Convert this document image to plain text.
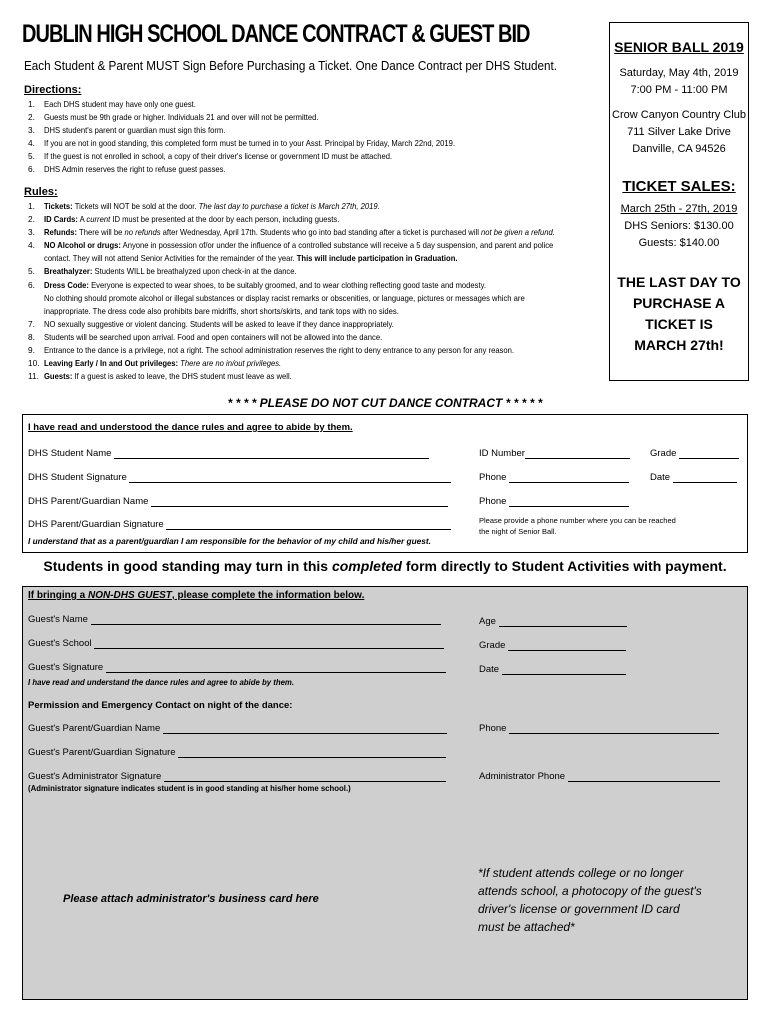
DUBLIN HIGH SCHOOL DANCE CONTRACT & GUEST BID
Each Student & Parent MUST Sign Before Purchasing a Ticket. One Dance Contract per DHS Student.
Directions:
1. Each DHS student may have only one guest.
2. Guests must be 9th grade or higher. Individuals 21 and over will not be permitted.
3. DHS student's parent or guardian must sign this form.
4. If you are not in good standing, this completed form must be turned in to your Asst. Principal by Friday, March 22nd, 2019.
5. If the guest is not enrolled in school, a copy of their driver's license or government ID must be attached.
6. DHS Admin reserves the right to refuse guest passes.
Rules:
1. Tickets: Tickets will NOT be sold at the door. The last day to purchase a ticket is March 27th, 2019.
2. ID Cards: A current ID must be presented at the door by each person, including guests.
3. Refunds: There will be no refunds after Wednesday, April 17th. Students who go into bad standing after a ticket is purchased will not be given a refund.
4. NO Alcohol or drugs: Anyone in possession of/or under the influence of a controlled substance will receive a 5 day suspension, and parent and police
contact. They will not attend Senior Activities for the remainder of the year. This will include participation in Graduation.
5. Breathalyzer: Students WILL be breathalyzed upon check-in at the dance.
6. Dress Code: Everyone is expected to wear shoes, to be suitably groomed, and to wear clothing reflecting good taste and modesty.
No clothing should promote alcohol or illegal substances or display racist remarks or obscenities, or language, pictures or messages which are
inappropriate. The dress code also prohibits bare midriffs, short shorts/skirts, and tank tops with no sides.
7. NO sexually suggestive or violent dancing. Students will be asked to leave if they dance inappropriately.
8. Students will be searched upon arrival. Food and open containers will not be allowed into the dance.
9. Entrance to the dance is a privilege, not a right. The school administration reserves the right to deny entrance to any person for any reason.
10. Leaving Early / In and Out privileges: There are no in/out privileges.
11. Guests: If a guest is asked to leave, the DHS student must leave as well.
SENIOR BALL 2019
Saturday, May 4th, 2019
7:00 PM - 11:00 PM
Crow Canyon Country Club
711 Silver Lake Drive
Danville, CA 94526
TICKET SALES:
March 25th - 27th, 2019
DHS Seniors: $130.00
Guests: $140.00
THE LAST DAY TO
PURCHASE A
TICKET IS
MARCH 27th!
* * * * PLEASE DO NOT CUT DANCE CONTRACT * * * * *
I have read and understood the dance rules and agree to abide by them.
DHS Student Name	ID Number	Grade
DHS Student Signature	Phone	Date
DHS Parent/Guardian Name	Phone
DHS Parent/Guardian Signature	Please provide a phone number where you can be reached
the night of Senior Ball.
I understand that as a parent/guardian I am responsible for the behavior of my child and his/her guest.
Students in good standing may turn in this completed form directly to Student Activities with payment.
If bringing a NON-DHS GUEST, please complete the information below.
Guest's Name	Age
Guest's School	Grade
Guest's Signature	Date
I have read and understand the dance rules and agree to abide by them.
Permission and Emergency Contact on night of the dance:
Guest's Parent/Guardian Name	Phone
Guest's Parent/Guardian Signature
Guest's Administrator Signature	Administrator Phone
(Administrator signature indicates student is in good standing at his/her home school.)
Please attach administrator's business card here
*If student attends college or no longer
attends school, a photocopy of the guest's
driver's license or government ID card
must be attached*
